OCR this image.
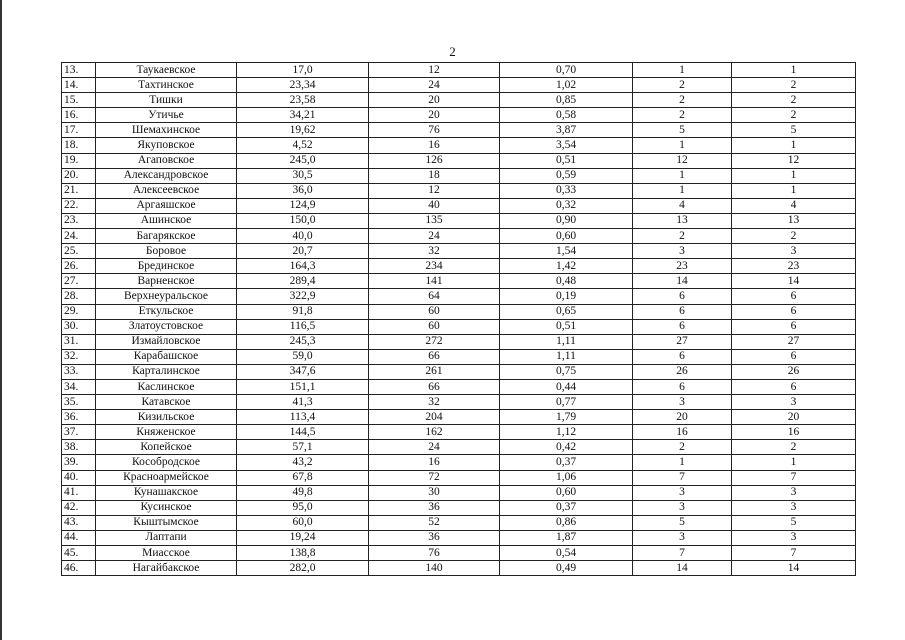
2
13.	Таукаевское	17,0	12	0,70	1	1
14.	Тахтинское	23,34	24	1,02	2	2
15.	Тишки	23,58	20	0,85	2	2
16.	Утичье	34,21	20	0,58	2	2
17.	Шемахинское	19,62	76	3,87	5	5
18.	Якуповское	4,52	16	3,54	1	1
19.	Агаповское	245,0	126	0,51	12	12
20.	Александровское	30,5	18	0,59	1	1
21.	Алексеевское	36,0	12	0,33	1	1
22.	Аргаяшское	124,9	40	0,32	4	4
23.	Ашинское	150,0	135	0,90	13	13
24.	Багарякское	40,0	24	0,60	2	2
25.	Боровое	20,7	32	1,54	3	3
26.	Брединское	164,3	234	1,42	23	23
27.	Варненское	289,4	141	0,48	14	14
28.	Верхнеуральское	322,9	64	0,19	6	6
29.	Еткульское	91,8	60	0,65	6	6
30.	Златоустовское	116,5	60	0,51	6	6
31.	Измайловское	245,3	272	1,11	27	27
32.	Карабашское	59,0	66	1,11	6	6
33.	Карталинское	347,6	261	0,75	26	26
34.	Каслинское	151,1	66	0,44	6	6
35.	Катавское	41,3	32	0,77	3	3
36.	Кизильское	113,4	204	1,79	20	20
37.	Княженское	144,5	162	1,12	16	16
38.	Копейское	57,1	24	0,42	2	2
39.	Кособродское	43,2	16	0,37	1	1
40.	Красноармейское	67,8	72	1,06	7	7
41.	Кунашакское	49,8	30	0,60	3	3
42.	Кусинское	95,0	36	0,37	3	3
43.	Кыштымское	60,0	52	0,86	5	5
44.	Лаптапи	19,24	36	1,87	3	3
45.	Миасское	138,8	76	0,54	7	7
46.	Нагайбакское	282,0	140	0,49	14	14
